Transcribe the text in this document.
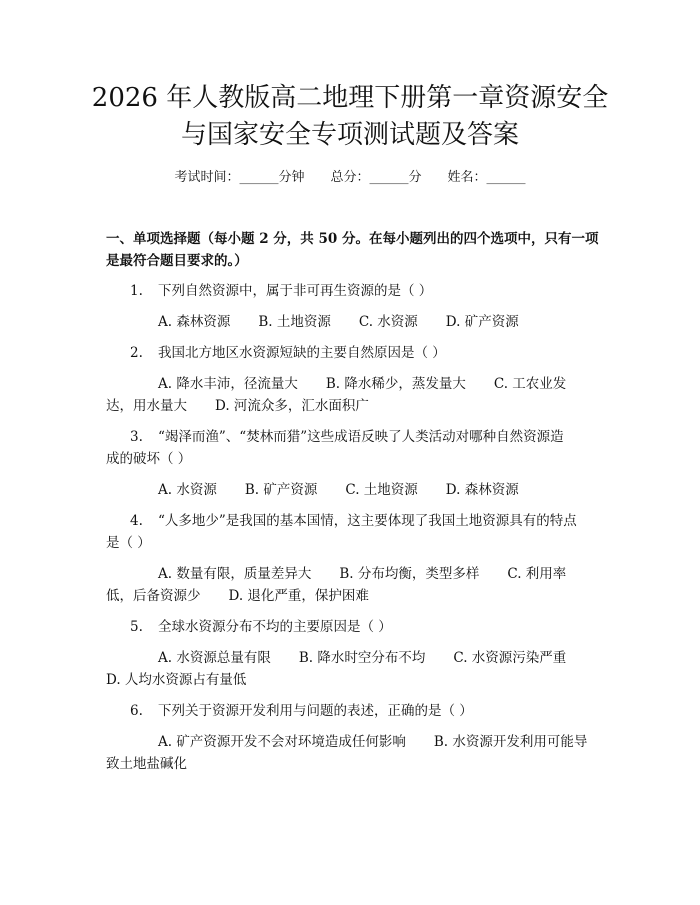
2026 年人教版高二地理下册第一章资源安全
与国家安全专项测试题及答案
考试时间：______分钟 总分：______分 姓名：______
一、单项选择题（每小题 2 分，共 50 分。在每小题列出的四个选项中，只有一项
是最符合题目要求的。）
1. 下列自然资源中，属于非可再生资源的是（ ）
A. 森林资源 B. 土地资源 C. 水资源 D. 矿产资源
2. 我国北方地区水资源短缺的主要自然原因是（ ）
A. 降水丰沛，径流量大 B. 降水稀少，蒸发量大 C. 工农业发
达，用水量大 D. 河流众多，汇水面积广
3. “竭泽而渔”、“焚林而猎”这些成语反映了人类活动对哪种自然资源造
成的破坏（ ）
A. 水资源 B. 矿产资源 C. 土地资源 D. 森林资源
4. “人多地少”是我国的基本国情，这主要体现了我国土地资源具有的特点
是（ ）
A. 数量有限，质量差异大 B. 分布均衡，类型多样 C. 利用率
低，后备资源少 D. 退化严重，保护困难
5. 全球水资源分布不均的主要原因是（ ）
A. 水资源总量有限 B. 降水时空分布不均 C. 水资源污染严重
D. 人均水资源占有量低
6. 下列关于资源开发利用与问题的表述，正确的是（ ）
A. 矿产资源开发不会对环境造成任何影响 B. 水资源开发利用可能导
致土地盐碱化
